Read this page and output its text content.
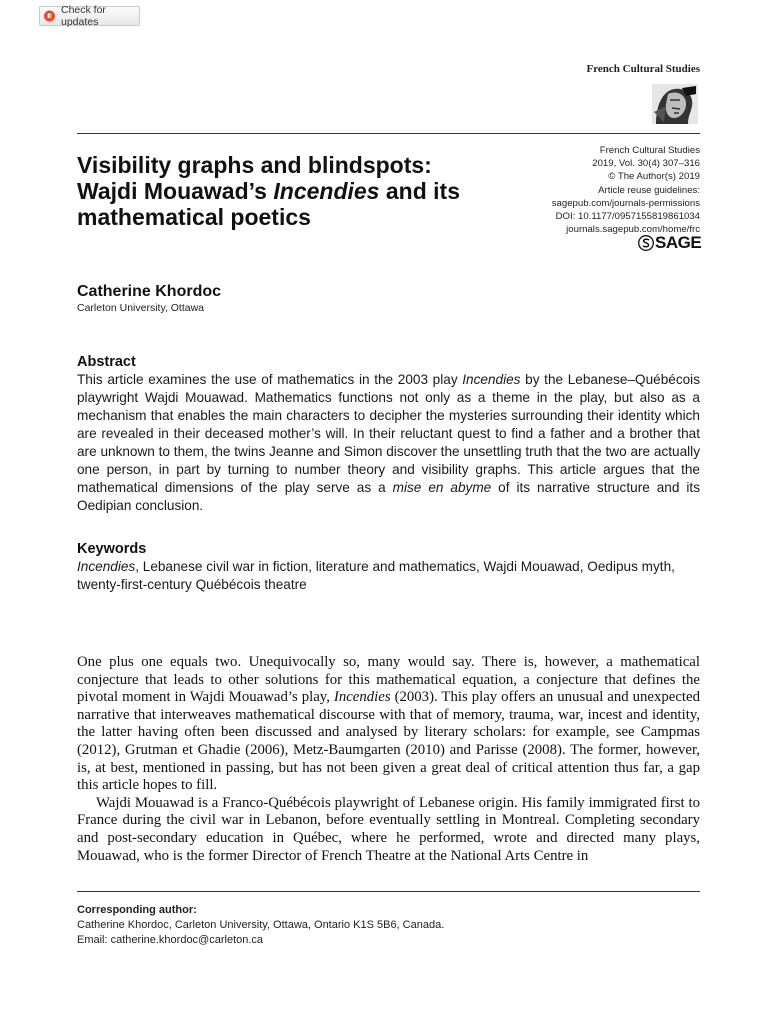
Check for updates
French Cultural Studies
Visibility graphs and blindspots: Wajdi Mouawad’s Incendies and its mathematical poetics
French Cultural Studies
2019, Vol. 30(4) 307–316
© The Author(s) 2019
Article reuse guidelines:
sagepub.com/journals-permissions
DOI: 10.1177/0957155819861034
journals.sagepub.com/home/frc
SAGE
Catherine Khordoc
Carleton University, Ottawa
Abstract

This article examines the use of mathematics in the 2003 play Incendies by the Lebanese–Québécois playwright Wajdi Mouawad. Mathematics functions not only as a theme in the play, but also as a mechanism that enables the main characters to decipher the mysteries surrounding their identity which are revealed in their deceased mother’s will. In their reluctant quest to find a father and a brother that are unknown to them, the twins Jeanne and Simon discover the unsettling truth that the two are actually one person, in part by turning to number theory and visibility graphs. This article argues that the mathematical dimensions of the play serve as a mise en abyme of its narrative structure and its Oedipian conclusion.

Keywords

Incendies, Lebanese civil war in fiction, literature and mathematics, Wajdi Mouawad, Oedipus myth, twenty-first-century Québécois theatre

One plus one equals two. Unequivocally so, many would say. There is, however, a mathematical conjecture that leads to other solutions for this mathematical equation, a conjecture that defines the pivotal moment in Wajdi Mouawad’s play, Incendies (2003). This play offers an unusual and unexpected narrative that interweaves mathematical discourse with that of memory, trauma, war, incest and identity, the latter having often been discussed and analysed by literary scholars: for example, see Campmas (2012), Grutman et Ghadie (2006), Metz-Baumgarten (2010) and Parisse (2008). The former, however, is, at best, mentioned in passing, but has not been given a great deal of critical attention thus far, a gap this article hopes to fill.

Wajdi Mouawad is a Franco-Québécois playwright of Lebanese origin. His family immigrated first to France during the civil war in Lebanon, before eventually settling in Montreal. Completing secondary and post-secondary education in Québec, where he performed, wrote and directed many plays, Mouawad, who is the former Director of French Theatre at the National Arts Centre in

Corresponding author:
Catherine Khordoc, Carleton University, Ottawa, Ontario K1S 5B6, Canada.
Email: catherine.khordoc@carleton.ca
